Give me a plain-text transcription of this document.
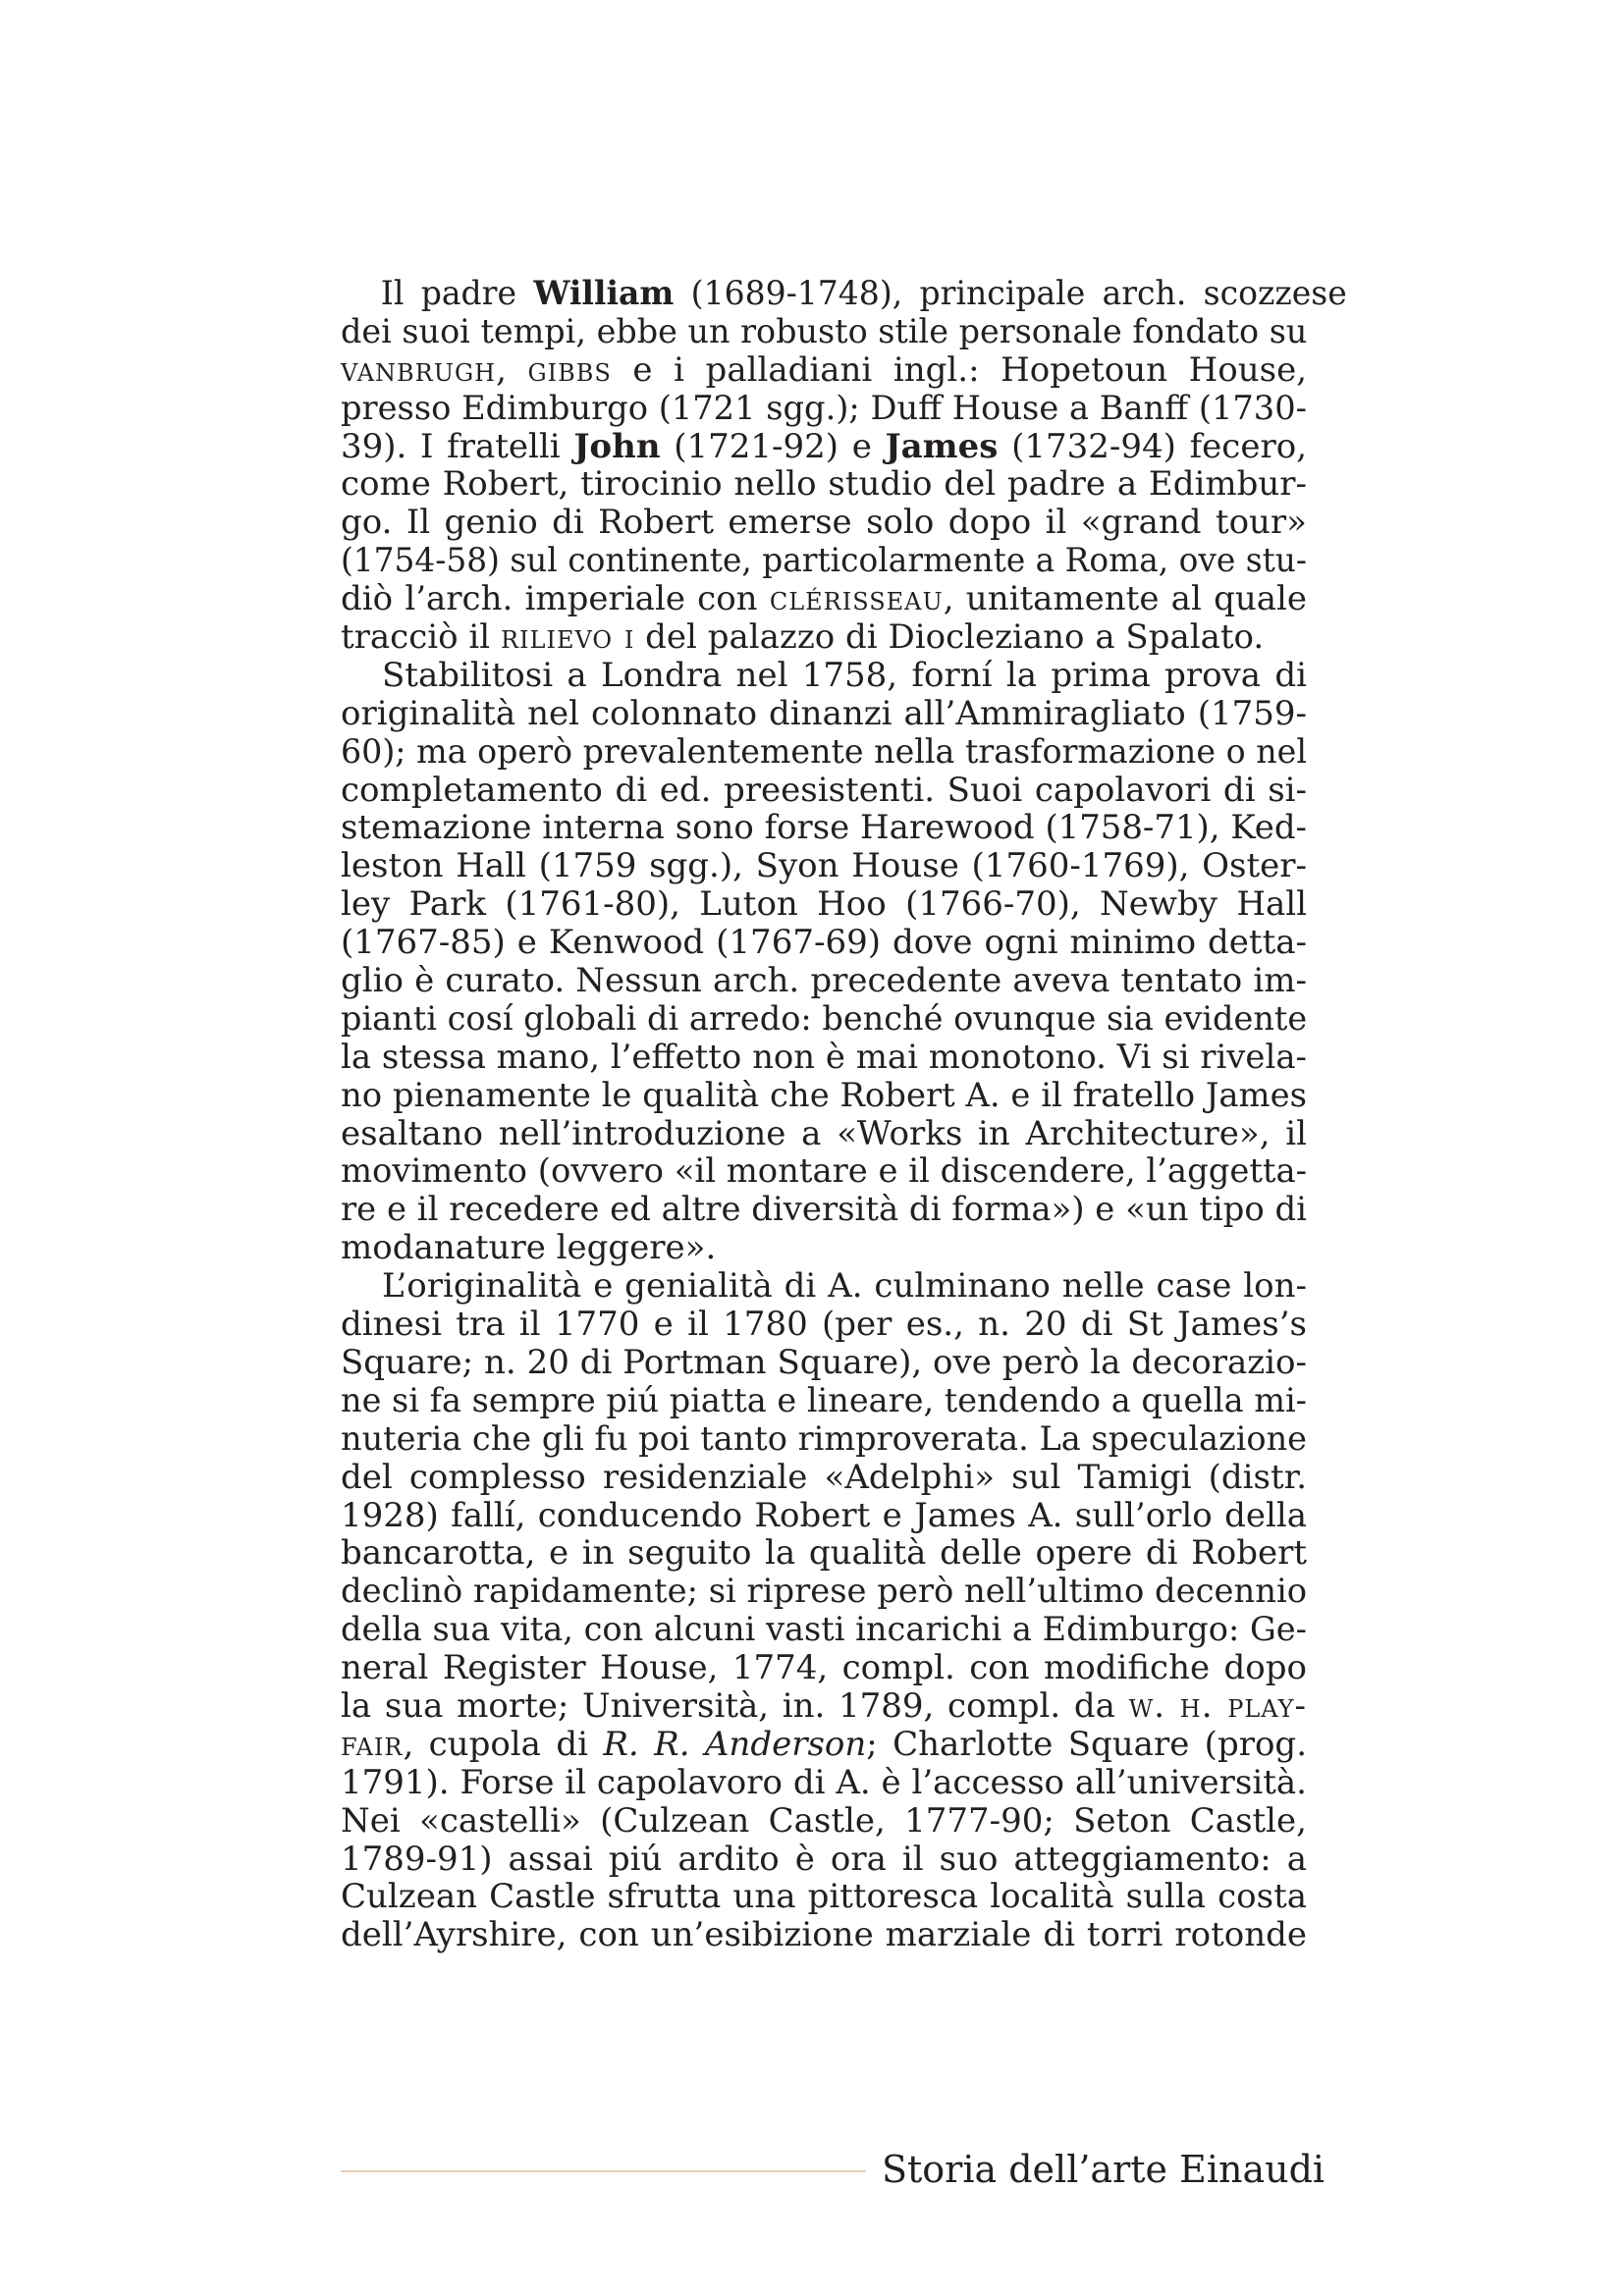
Il padre William (1689-1748), principale arch. scozzese
dei suoi tempi, ebbe un robusto stile personale fondato su
vanbrugh, gibbs e i palladiani ingl.: Hopetoun House,
presso Edimburgo (1721 sgg.); Duff House a Banff (1730-
39). I fratelli John (1721-92) e James (1732-94) fecero,
come Robert, tirocinio nello studio del padre a Edimbur-
go. Il genio di Robert emerse solo dopo il «grand tour»
(1754-58) sul continente, particolarmente a Roma, ove stu-
diò l’arch. imperiale con clérisseau, unitamente al quale
tracciò il rilievo i del palazzo di Diocleziano a Spalato.
Stabilitosi a Londra nel 1758, forní la prima prova di
originalità nel colonnato dinanzi all’Ammiragliato (1759-
60); ma operò prevalentemente nella trasformazione o nel
completamento di ed. preesistenti. Suoi capolavori di si-
stemazione interna sono forse Harewood (1758-71), Ked-
leston Hall (1759 sgg.), Syon House (1760-1769), Oster-
ley Park (1761-80), Luton Hoo (1766-70), Newby Hall
(1767-85) e Kenwood (1767-69) dove ogni minimo detta-
glio è curato. Nessun arch. precedente aveva tentato im-
pianti cosí globali di arredo: benché ovunque sia evidente
la stessa mano, l’effetto non è mai monotono. Vi si rivela-
no pienamente le qualità che Robert A. e il fratello James
esaltano nell’introduzione a «Works in Architecture», il
movimento (ovvero «il montare e il discendere, l’aggetta-
re e il recedere ed altre diversità di forma») e «un tipo di
modanature leggere».
L’originalità e genialità di A. culminano nelle case lon-
dinesi tra il 1770 e il 1780 (per es., n. 20 di St James’s
Square; n. 20 di Portman Square), ove però la decorazio-
ne si fa sempre piú piatta e lineare, tendendo a quella mi-
nuteria che gli fu poi tanto rimproverata. La speculazione
del complesso residenziale «Adelphi» sul Tamigi (distr.
1928) fallí, conducendo Robert e James A. sull’orlo della
bancarotta, e in seguito la qualità delle opere di Robert
declinò rapidamente; si riprese però nell’ultimo decennio
della sua vita, con alcuni vasti incarichi a Edimburgo: Ge-
neral Register House, 1774, compl. con modifiche dopo
la sua morte; Università, in. 1789, compl. da w. h. play-
fair, cupola di R. R. Anderson; Charlotte Square (prog.
1791). Forse il capolavoro di A. è l’accesso all’università.
Nei «castelli» (Culzean Castle, 1777-90; Seton Castle,
1789-91) assai piú ardito è ora il suo atteggiamento: a
Culzean Castle sfrutta una pittoresca località sulla costa
dell’Ayrshire, con un’esibizione marziale di torri rotonde
Storia dell’arte Einaudi
